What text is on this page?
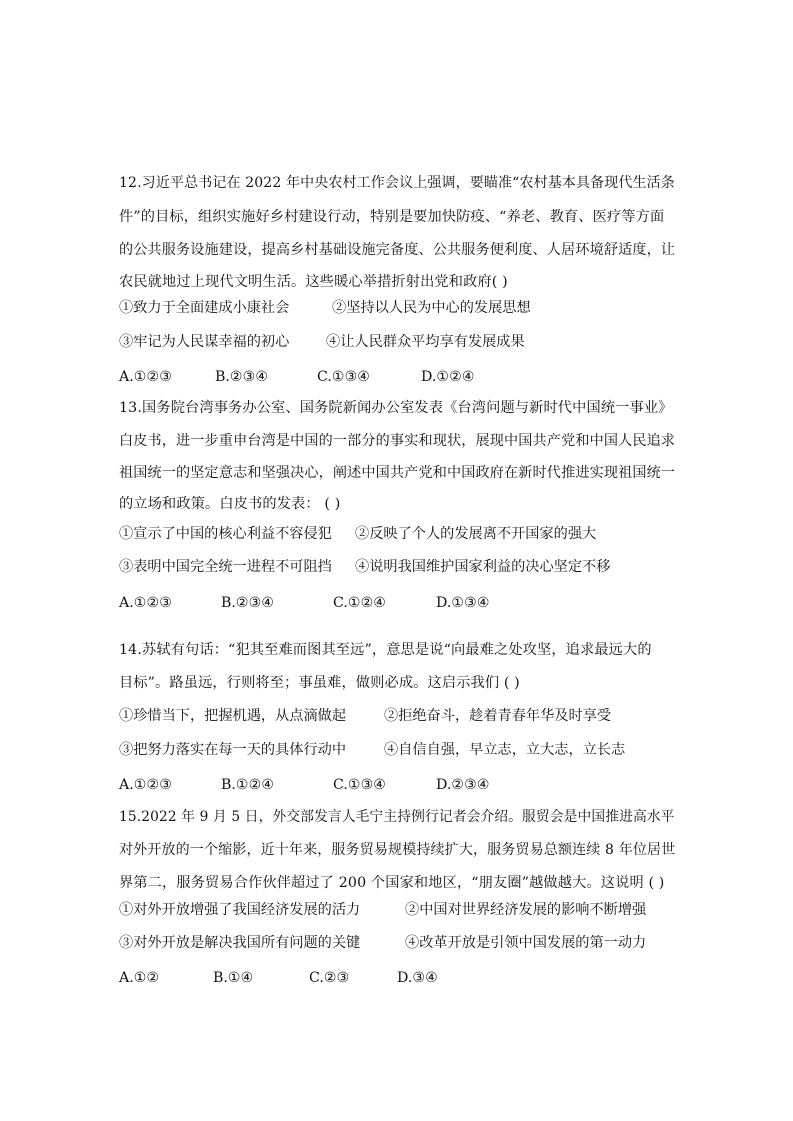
12.习近平总书记在 2022 年中央农村工作会议上强调，要瞄准“农村基本具备现代生活条
件”的目标，组织实施好乡村建设行动，特别是要加快防疫、“养老、教育、医疗等方面
的公共服务设施建设，提高乡村基础设施完备度、公共服务便利度、人居环境舒适度，让
农民就地过上现代文明生活。这些暖心举措折射出党和政府( )
①致力于全面建成小康社会	②坚持以人民为中心的发展思想
③牢记为人民谋幸福的初心	④让人民群众平均享有发展成果
A.①②③	B.②③④	C.①③④	D.①②④
13.国务院台湾事务办公室、国务院新闻办公室发表《台湾问题与新时代中国统一事业》
白皮书，进一步重申台湾是中国的一部分的事实和现状，展现中国共产党和中国人民追求
祖国统一的坚定意志和坚强决心，阐述中国共产党和中国政府在新时代推进实现祖国统一
的立场和政策。白皮书的发表： ( )
①宣示了中国的核心利益不容侵犯 ②反映了个人的发展离不开国家的强大
③表明中国完全统一进程不可阻挡 ④说明我国维护国家利益的决心坚定不移
A.①②③	B.②③④	C.①②④	D.①③④
14.苏轼有句话：“犯其至难而图其至远”，意思是说“向最难之处攻坚，追求最远大的
目标”。路虽远，行则将至；事虽难，做则必成。这启示我们 ( )
①珍惜当下，把握机遇，从点滴做起	②拒绝奋斗，趁着青春年华及时享受
③把努力落实在每一天的具体行动中	④自信自强，早立志，立大志，立长志
A.①②③	B.①②④	C.①③④	D.②③④
15.2022 年 9 月 5 日，外交部发言人毛宁主持例行记者会介绍。服贸会是中国推进高水平
对外开放的一个缩影，近十年来，服务贸易规模持续扩大，服务贸易总额连续 8 年位居世
界第二，服务贸易合作伙伴超过了 200 个国家和地区，“朋友圈”越做越大。这说明 ( )
①对外开放增强了我国经济发展的活力	②中国对世界经济发展的影响不断增强
③对外开放是解决我国所有问题的关键	④改革开放是引领中国发展的第一动力
A.①②	B.①④	C.②③	D.③④
